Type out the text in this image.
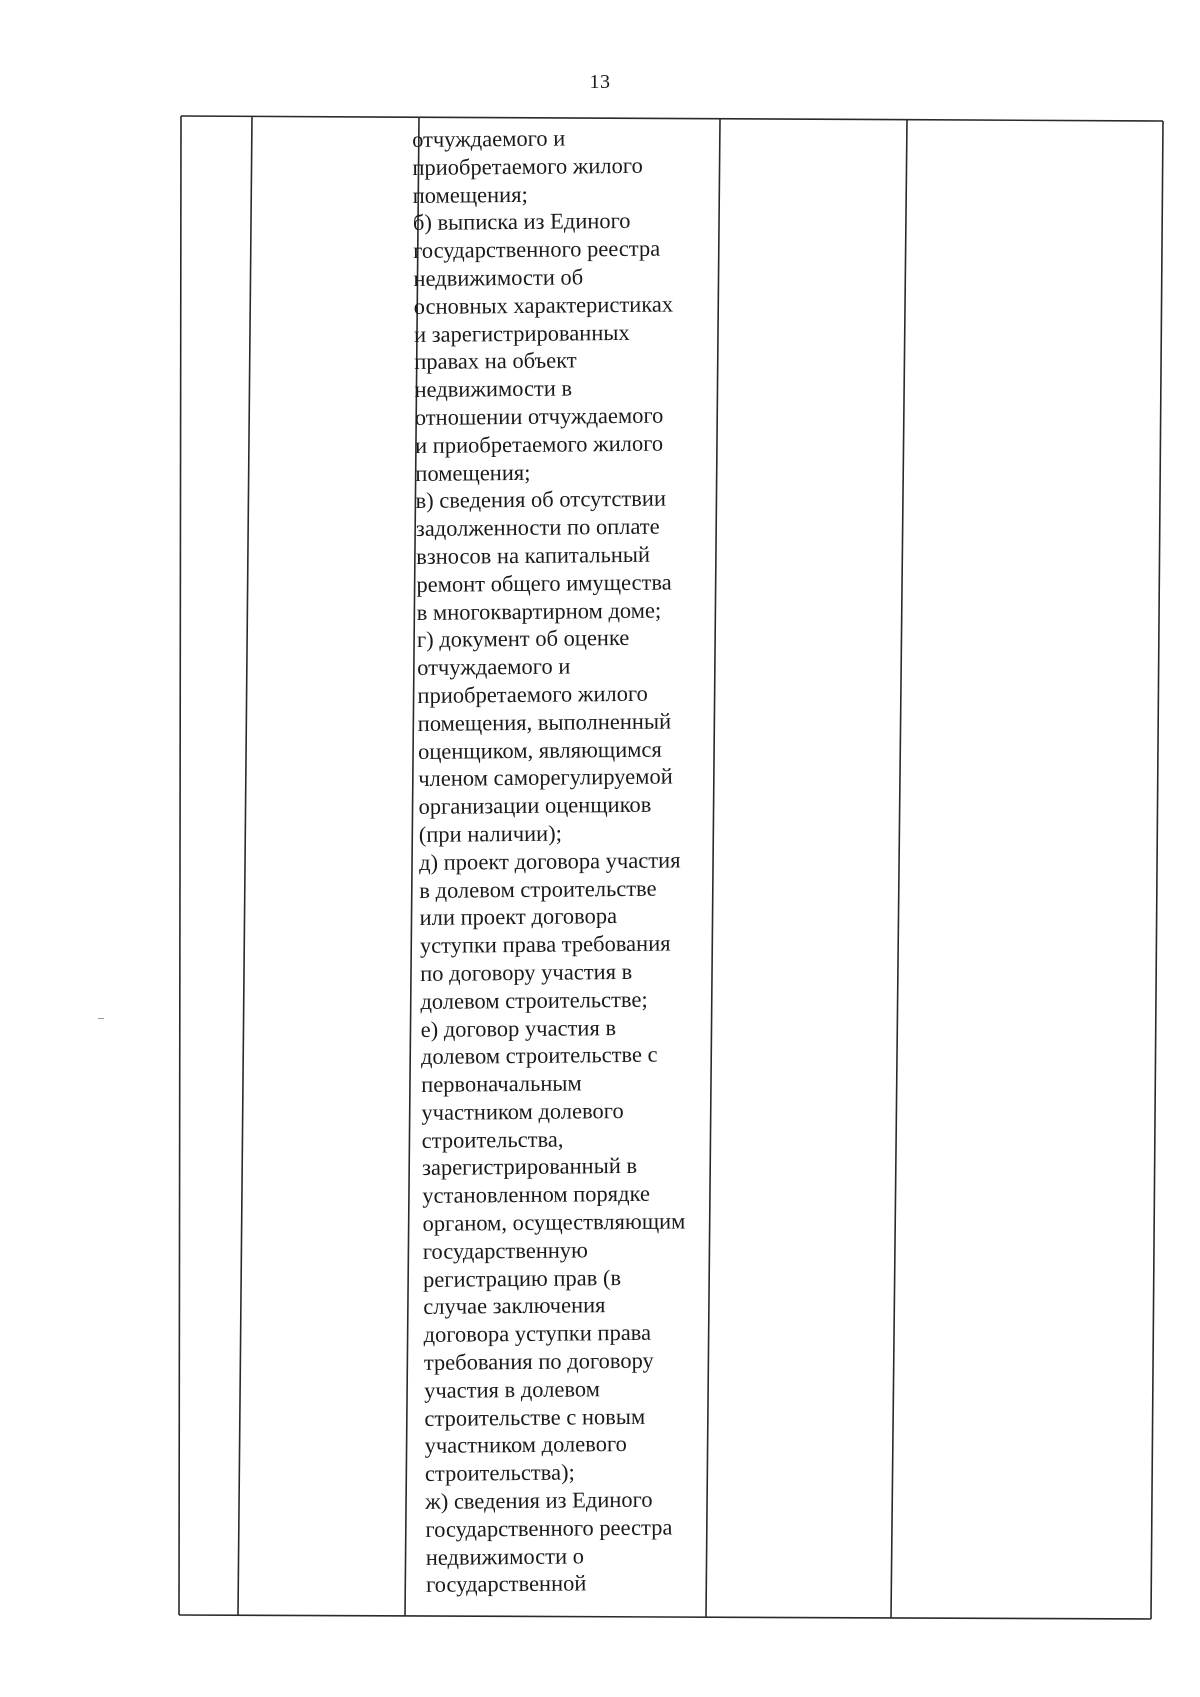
13
отчуждаемого и
приобретаемого жилого
помещения;
б) выписка из Единого
государственного реестра
недвижимости об
основных характеристиках
и зарегистрированных
правах на объект
недвижимости в
отношении отчуждаемого
и приобретаемого жилого
помещения;
в) сведения об отсутствии
задолженности по оплате
взносов на капитальный
ремонт общего имущества
в многоквартирном доме;
г) документ об оценке
отчуждаемого и
приобретаемого жилого
помещения, выполненный
оценщиком, являющимся
членом саморегулируемой
организации оценщиков
(при наличии);
д) проект договора участия
в долевом строительстве
или проект договора
уступки права требования
по договору участия в
долевом строительстве;
е) договор участия в
долевом строительстве с
первоначальным
участником долевого
строительства,
зарегистрированный в
установленном порядке
органом, осуществляющим
государственную
регистрацию прав (в
случае заключения
договора уступки права
требования по договору
участия в долевом
строительстве с новым
участником долевого
строительства);
ж) сведения из Единого
государственного реестра
недвижимости о
государственной
